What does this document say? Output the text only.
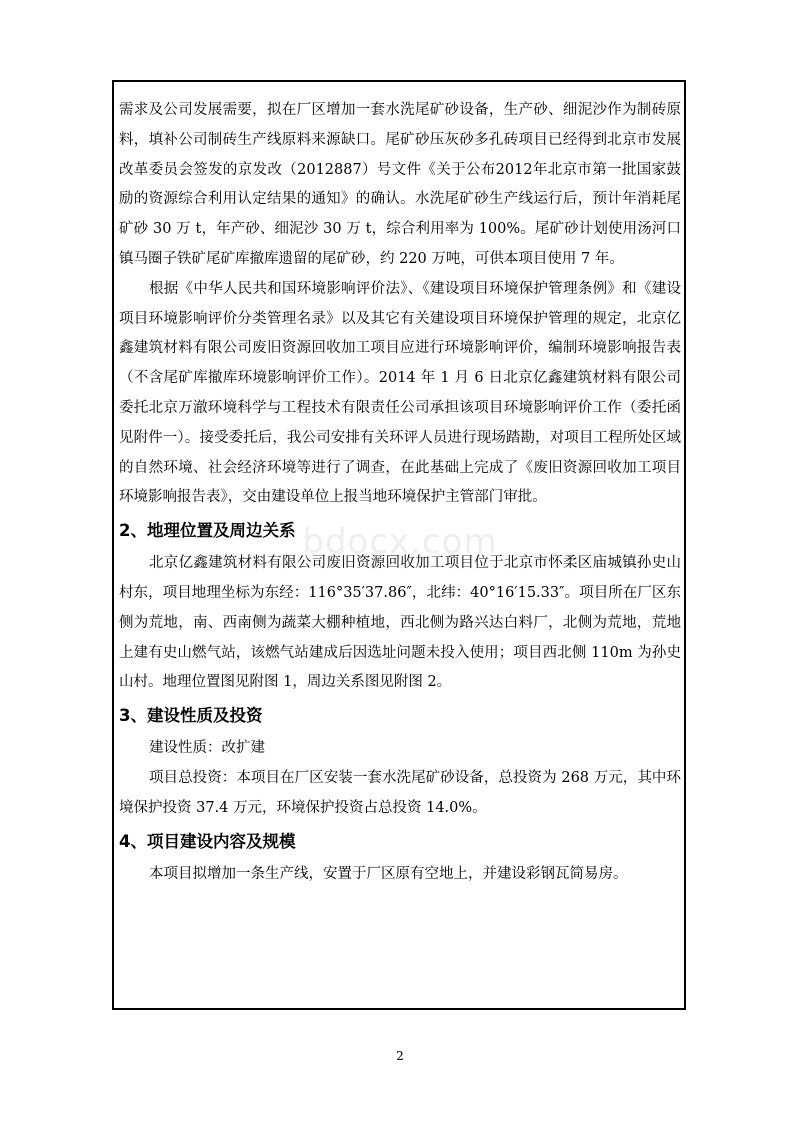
需求及公司发展需要，拟在厂区增加一套水洗尾矿砂设备，生产砂、细泥沙作为制砖原料，填补公司制砖生产线原料来源缺口。尾矿砂压灰砂多孔砖项目已经得到北京市发展改革委员会签发的京发改（2012887）号文件《关于公布2012年北京市第一批国家鼓励的资源综合利用认定结果的通知》的确认。水洗尾矿砂生产线运行后，预计年消耗尾矿砂 30 万 t，年产砂、细泥沙 30 万 t，综合利用率为 100%。尾矿砂计划使用汤河口镇马圈子铁矿尾矿库撤库遗留的尾矿砂，约 220 万吨，可供本项目使用 7 年。

根据《中华人民共和国环境影响评价法》、《建设项目环境保护管理条例》和《建设项目环境影响评价分类管理名录》以及其它有关建设项目环境保护管理的规定，北京亿鑫建筑材料有限公司废旧资源回收加工项目应进行环境影响评价，编制环境影响报告表（不含尾矿库撤库环境影响评价工作）。2014 年 1 月 6 日北京亿鑫建筑材料有限公司委托北京万澈环境科学与工程技术有限责任公司承担该项目环境影响评价工作（委托函见附件一）。接受委托后，我公司安排有关环评人员进行现场踏勘，对项目工程所处区域的自然环境、社会经济环境等进行了调查，在此基础上完成了《废旧资源回收加工项目环境影响报告表》，交由建设单位上报当地环境保护主管部门审批。

2、地理位置及周边关系

北京亿鑫建筑材料有限公司废旧资源回收加工项目位于北京市怀柔区庙城镇孙史山村东，项目地理坐标为东经：116°35′37.86″，北纬：40°16′15.33″。项目所在厂区东侧为荒地，南、西南侧为蔬菜大棚种植地，西北侧为路兴达白料厂，北侧为荒地，荒地上建有史山燃气站，该燃气站建成后因选址问题未投入使用；项目西北侧 110m 为孙史山村。地理位置图见附图 1，周边关系图见附图 2。

3、建设性质及投资

建设性质：改扩建

项目总投资：本项目在厂区安装一套水洗尾矿砂设备，总投资为 268 万元，其中环境保护投资 37.4 万元，环境保护投资占总投资 14.0%。

4、项目建设内容及规模

本项目拟增加一条生产线，安置于厂区原有空地上，并建设彩钢瓦简易房。

bdocx.com
2
